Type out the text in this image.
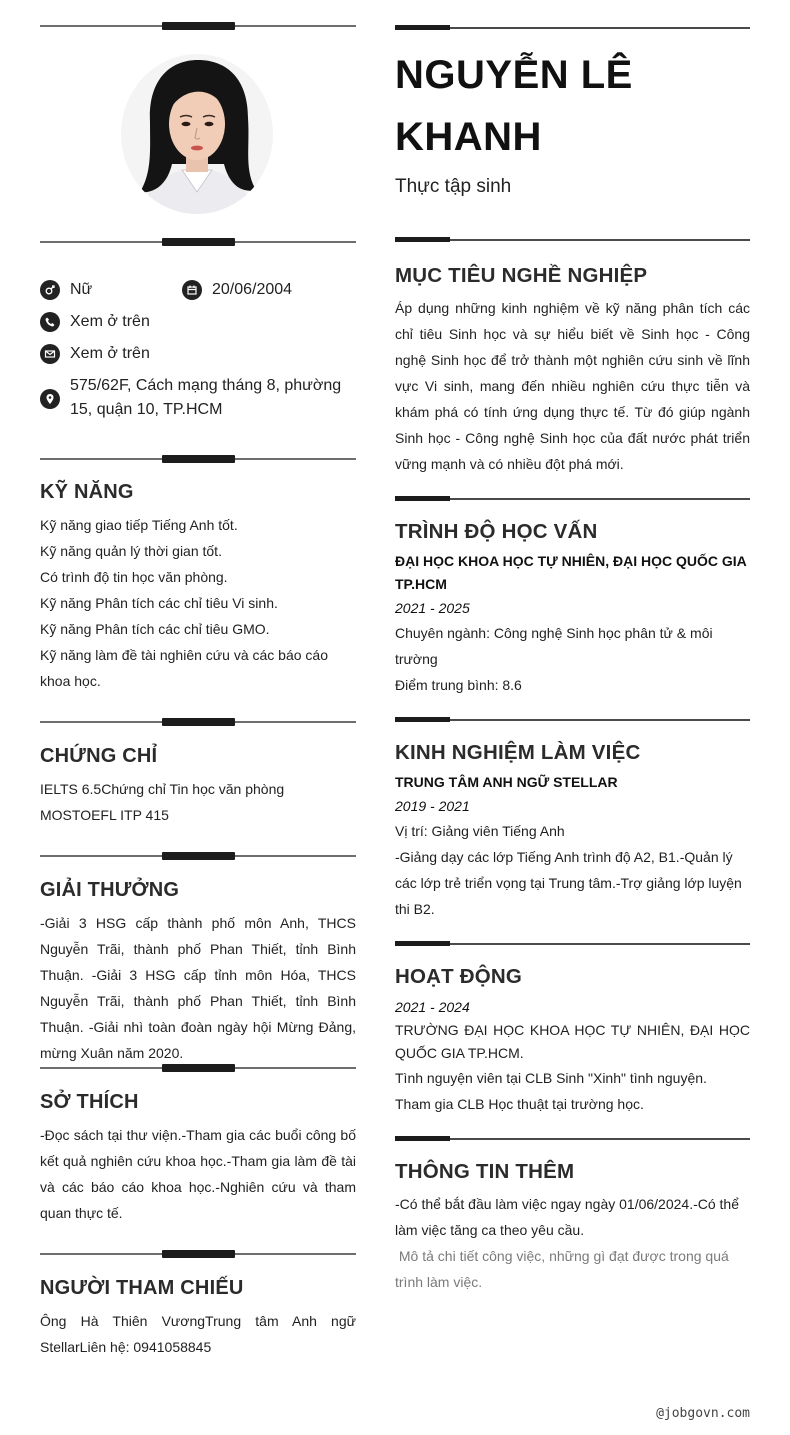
Nữ	20/06/2004
Xem ở trên
Xem ở trên
575/62F, Cách mạng tháng 8, phường 15, quận 10, TP.HCM
KỸ NĂNG
Kỹ năng giao tiếp Tiếng Anh tốt.
Kỹ năng quản lý thời gian tốt.
Có trình độ tin học văn phòng.
Kỹ năng Phân tích các chỉ tiêu Vi sinh.
Kỹ năng Phân tích các chỉ tiêu GMO.
Kỹ năng làm đề tài nghiên cứu và các báo cáo khoa học.
CHỨNG CHỈ
IELTS 6.5Chứng chỉ Tin học văn phòng MOSTOEFL ITP 415
GIẢI THƯỞNG
-Giải 3 HSG cấp thành phố môn Anh, THCS Nguyễn Trãi, thành phố Phan Thiết, tỉnh Bình Thuận. -Giải 3 HSG cấp tỉnh môn Hóa, THCS Nguyễn Trãi, thành phố Phan Thiết, tỉnh Bình Thuận. -Giải nhì toàn đoàn ngày hội Mừng Đảng, mừng Xuân năm 2020.
SỞ THÍCH
-Đọc sách tại thư viện.-Tham gia các buổi công bố kết quả nghiên cứu khoa học.-Tham gia làm đề tài và các báo cáo khoa học.-Nghiên cứu và tham quan thực tế.
NGƯỜI THAM CHIẾU
Ông Hà Thiên VươngTrung tâm Anh ngữ StellarLiên hệ: 0941058845
NGUYỄN LÊ
KHANH
Thực tập sinh
MỤC TIÊU NGHỀ NGHIỆP
Áp dụng những kinh nghiệm về kỹ năng phân tích các chỉ tiêu Sinh học và sự hiểu biết về Sinh học - Công nghệ Sinh học để trở thành một nghiên cứu sinh về lĩnh vực Vi sinh, mang đến nhiều nghiên cứu thực tiễn và khám phá có tính ứng dụng thực tế. Từ đó giúp ngành Sinh học - Công nghệ Sinh học của đất nước phát triển vững mạnh và có nhiều đột phá mới.
TRÌNH ĐỘ HỌC VẤN
ĐẠI HỌC KHOA HỌC TỰ NHIÊN, ĐẠI HỌC QUỐC GIA TP.HCM
2021 - 2025
Chuyên ngành: Công nghệ Sinh học phân tử & môi trường
Điểm trung bình: 8.6
KINH NGHIỆM LÀM VIỆC
TRUNG TÂM ANH NGỮ STELLAR
2019 - 2021
Vị trí: Giảng viên Tiếng Anh
-Giảng dạy các lớp Tiếng Anh trình độ A2, B1.-Quản lý các lớp trẻ triển vọng tại Trung tâm.-Trợ giảng lớp luyện thi B2.
HOẠT ĐỘNG
2021 - 2024
TRƯỜNG ĐẠI HỌC KHOA HỌC TỰ NHIÊN, ĐẠI HỌC QUỐC GIA TP.HCM.
Tình nguyện viên tại CLB Sinh "Xinh" tình nguyện.
Tham gia CLB Học thuật tại trường học.
THÔNG TIN THÊM
-Có thể bắt đầu làm việc ngay ngày 01/06/2024.-Có thể làm việc tăng ca theo yêu cầu.
Mô tả chi tiết công việc, những gì đạt được trong quá trình làm việc.
@jobgovn.com
